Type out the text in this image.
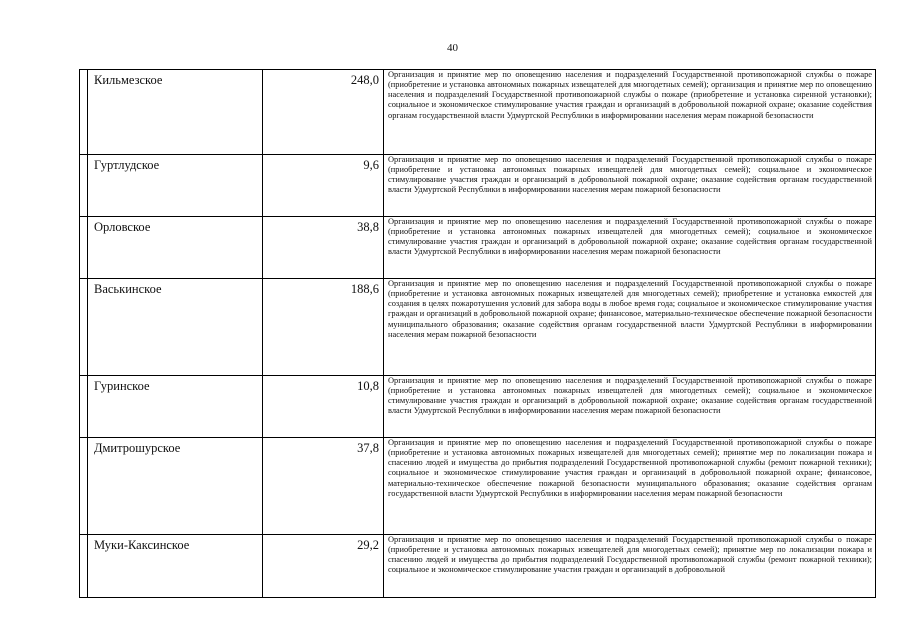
40

	Кильмезское	248,0	Организация и принятие мер по оповещению населения и подразделений Государственной противопожарной службы о пожаре (приобретение и установка автономных пожарных извещателей для многодетных семей); организация и принятие мер по оповещению населения и подразделений Государственной противопожарной службы о пожаре (приобретение и установка сиренной установки); социальное и экономическое стимулирование участия граждан и организаций в добровольной пожарной охране; оказание содействия органам государственной власти Удмуртской Республики в информировании населения мерам пожарной безопасности

	Гуртлудское	9,6	Организация и принятие мер по оповещению населения и подразделений Государственной противопожарной службы о пожаре (приобретение и установка автономных пожарных извещателей для многодетных семей); социальное и экономическое стимулирование участия граждан и организаций в добровольной пожарной охране; оказание содействия органам государственной власти Удмуртской Республики в информировании населения мерам пожарной безопасности

	Орловское	38,8	Организация и принятие мер по оповещению населения и подразделений Государственной противопожарной службы о пожаре (приобретение и установка автономных пожарных извещателей для многодетных семей); социальное и экономическое стимулирование участия граждан и организаций в добровольной пожарной охране; оказание содействия органам государственной власти Удмуртской Республики в информировании населения мерам пожарной безопасности

	Васькинское	188,6	Организация и принятие мер по оповещению населения и подразделений Государственной противопожарной службы о пожаре (приобретение и установка автономных пожарных извещателей для многодетных семей); приобретение и установка емкостей для создания в целях пожаротушения условий для забора воды в любое время года; социальное и экономическое стимулирование участия граждан и организаций в добровольной пожарной охране; финансовое, материально-техническое обеспечение пожарной безопасности муниципального образования; оказание содействия органам государственной власти Удмуртской Республики в информировании населения мерам пожарной безопасности

	Гуринское	10,8	Организация и принятие мер по оповещению населения и подразделений Государственной противопожарной службы о пожаре (приобретение и установка автономных пожарных извещателей для многодетных семей); социальное и экономическое стимулирование участия граждан и организаций в добровольной пожарной охране; оказание содействия органам государственной власти Удмуртской Республики в информировании населения мерам пожарной безопасности

	Дмитрошурское	37,8	Организация и принятие мер по оповещению населения и подразделений Государственной противопожарной службы о пожаре (приобретение и установка автономных пожарных извещателей для многодетных семей); принятие мер по локализации пожара и спасению людей и имущества до прибытия подразделений Государственной противопожарной службы (ремонт пожарной техники); социальное и экономическое стимулирование участия граждан и организаций в добровольной пожарной охране; финансовое, материально-техническое обеспечение пожарной безопасности муниципального образования; оказание содействия органам государственной власти Удмуртской Республики в информировании населения мерам пожарной безопасности

	Муки-Каксинское	29,2	Организация и принятие мер по оповещению населения и подразделений Государственной противопожарной службы о пожаре (приобретение и установка автономных пожарных извещателей для многодетных семей); принятие мер по локализации пожара и спасению людей и имущества до прибытия подразделений Государственной противопожарной службы (ремонт пожарной техники); социальное и экономическое стимулирование участия граждан и организаций в добровольной
